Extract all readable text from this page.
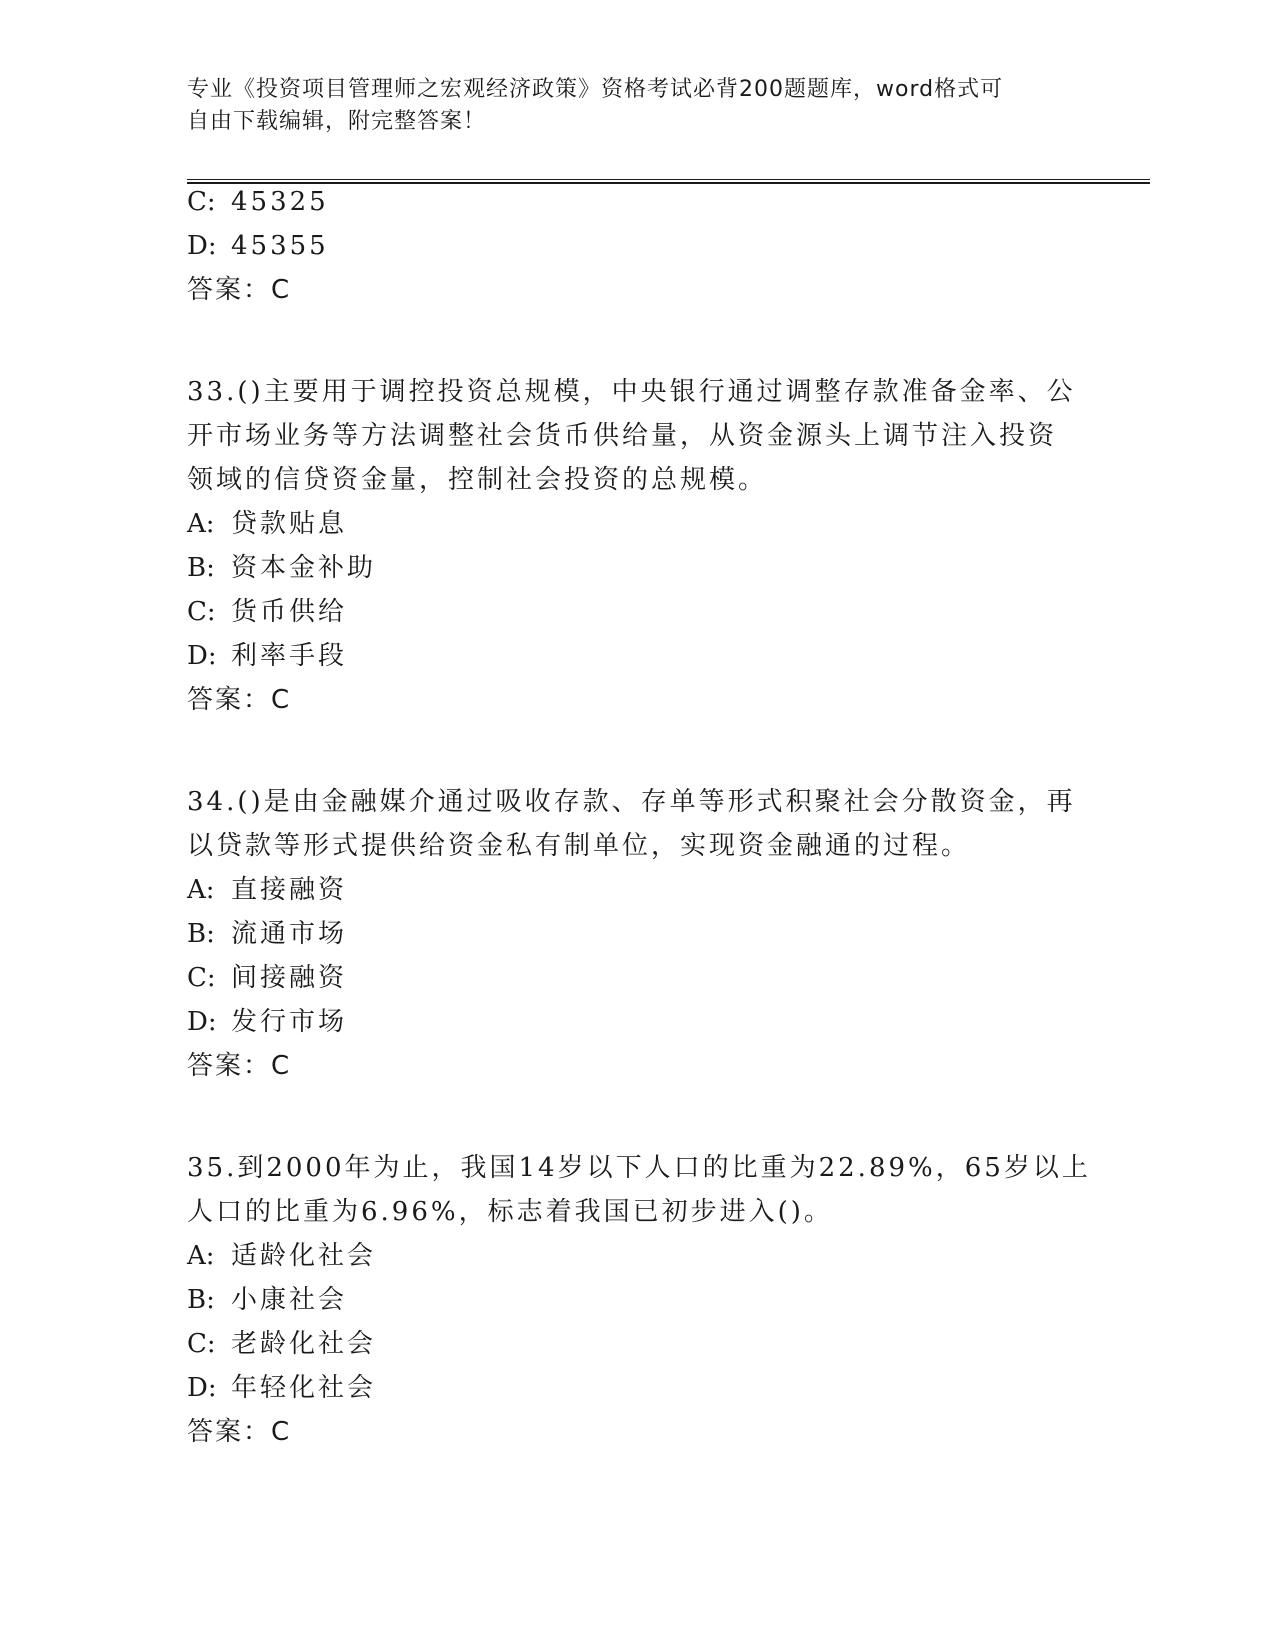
专业《投资项目管理师之宏观经济政策》资格考试必背200题题库，word格式可
自由下载编辑，附完整答案！
C: 45325
D: 45355
答案：C
33.()主要用于调控投资总规模，中央银行通过调整存款准备金率、公
开市场业务等方法调整社会货币供给量，从资金源头上调节注入投资
领域的信贷资金量，控制社会投资的总规模。
A: 贷款贴息
B: 资本金补助
C: 货币供给
D: 利率手段
答案：C
34.()是由金融媒介通过吸收存款、存单等形式积聚社会分散资金，再
以贷款等形式提供给资金私有制单位，实现资金融通的过程。
A: 直接融资
B: 流通市场
C: 间接融资
D: 发行市场
答案：C
35.到2000年为止，我国14岁以下人口的比重为22.89%，65岁以上
人口的比重为6.96%，标志着我国已初步进入()。
A: 适龄化社会
B: 小康社会
C: 老龄化社会
D: 年轻化社会
答案：C
